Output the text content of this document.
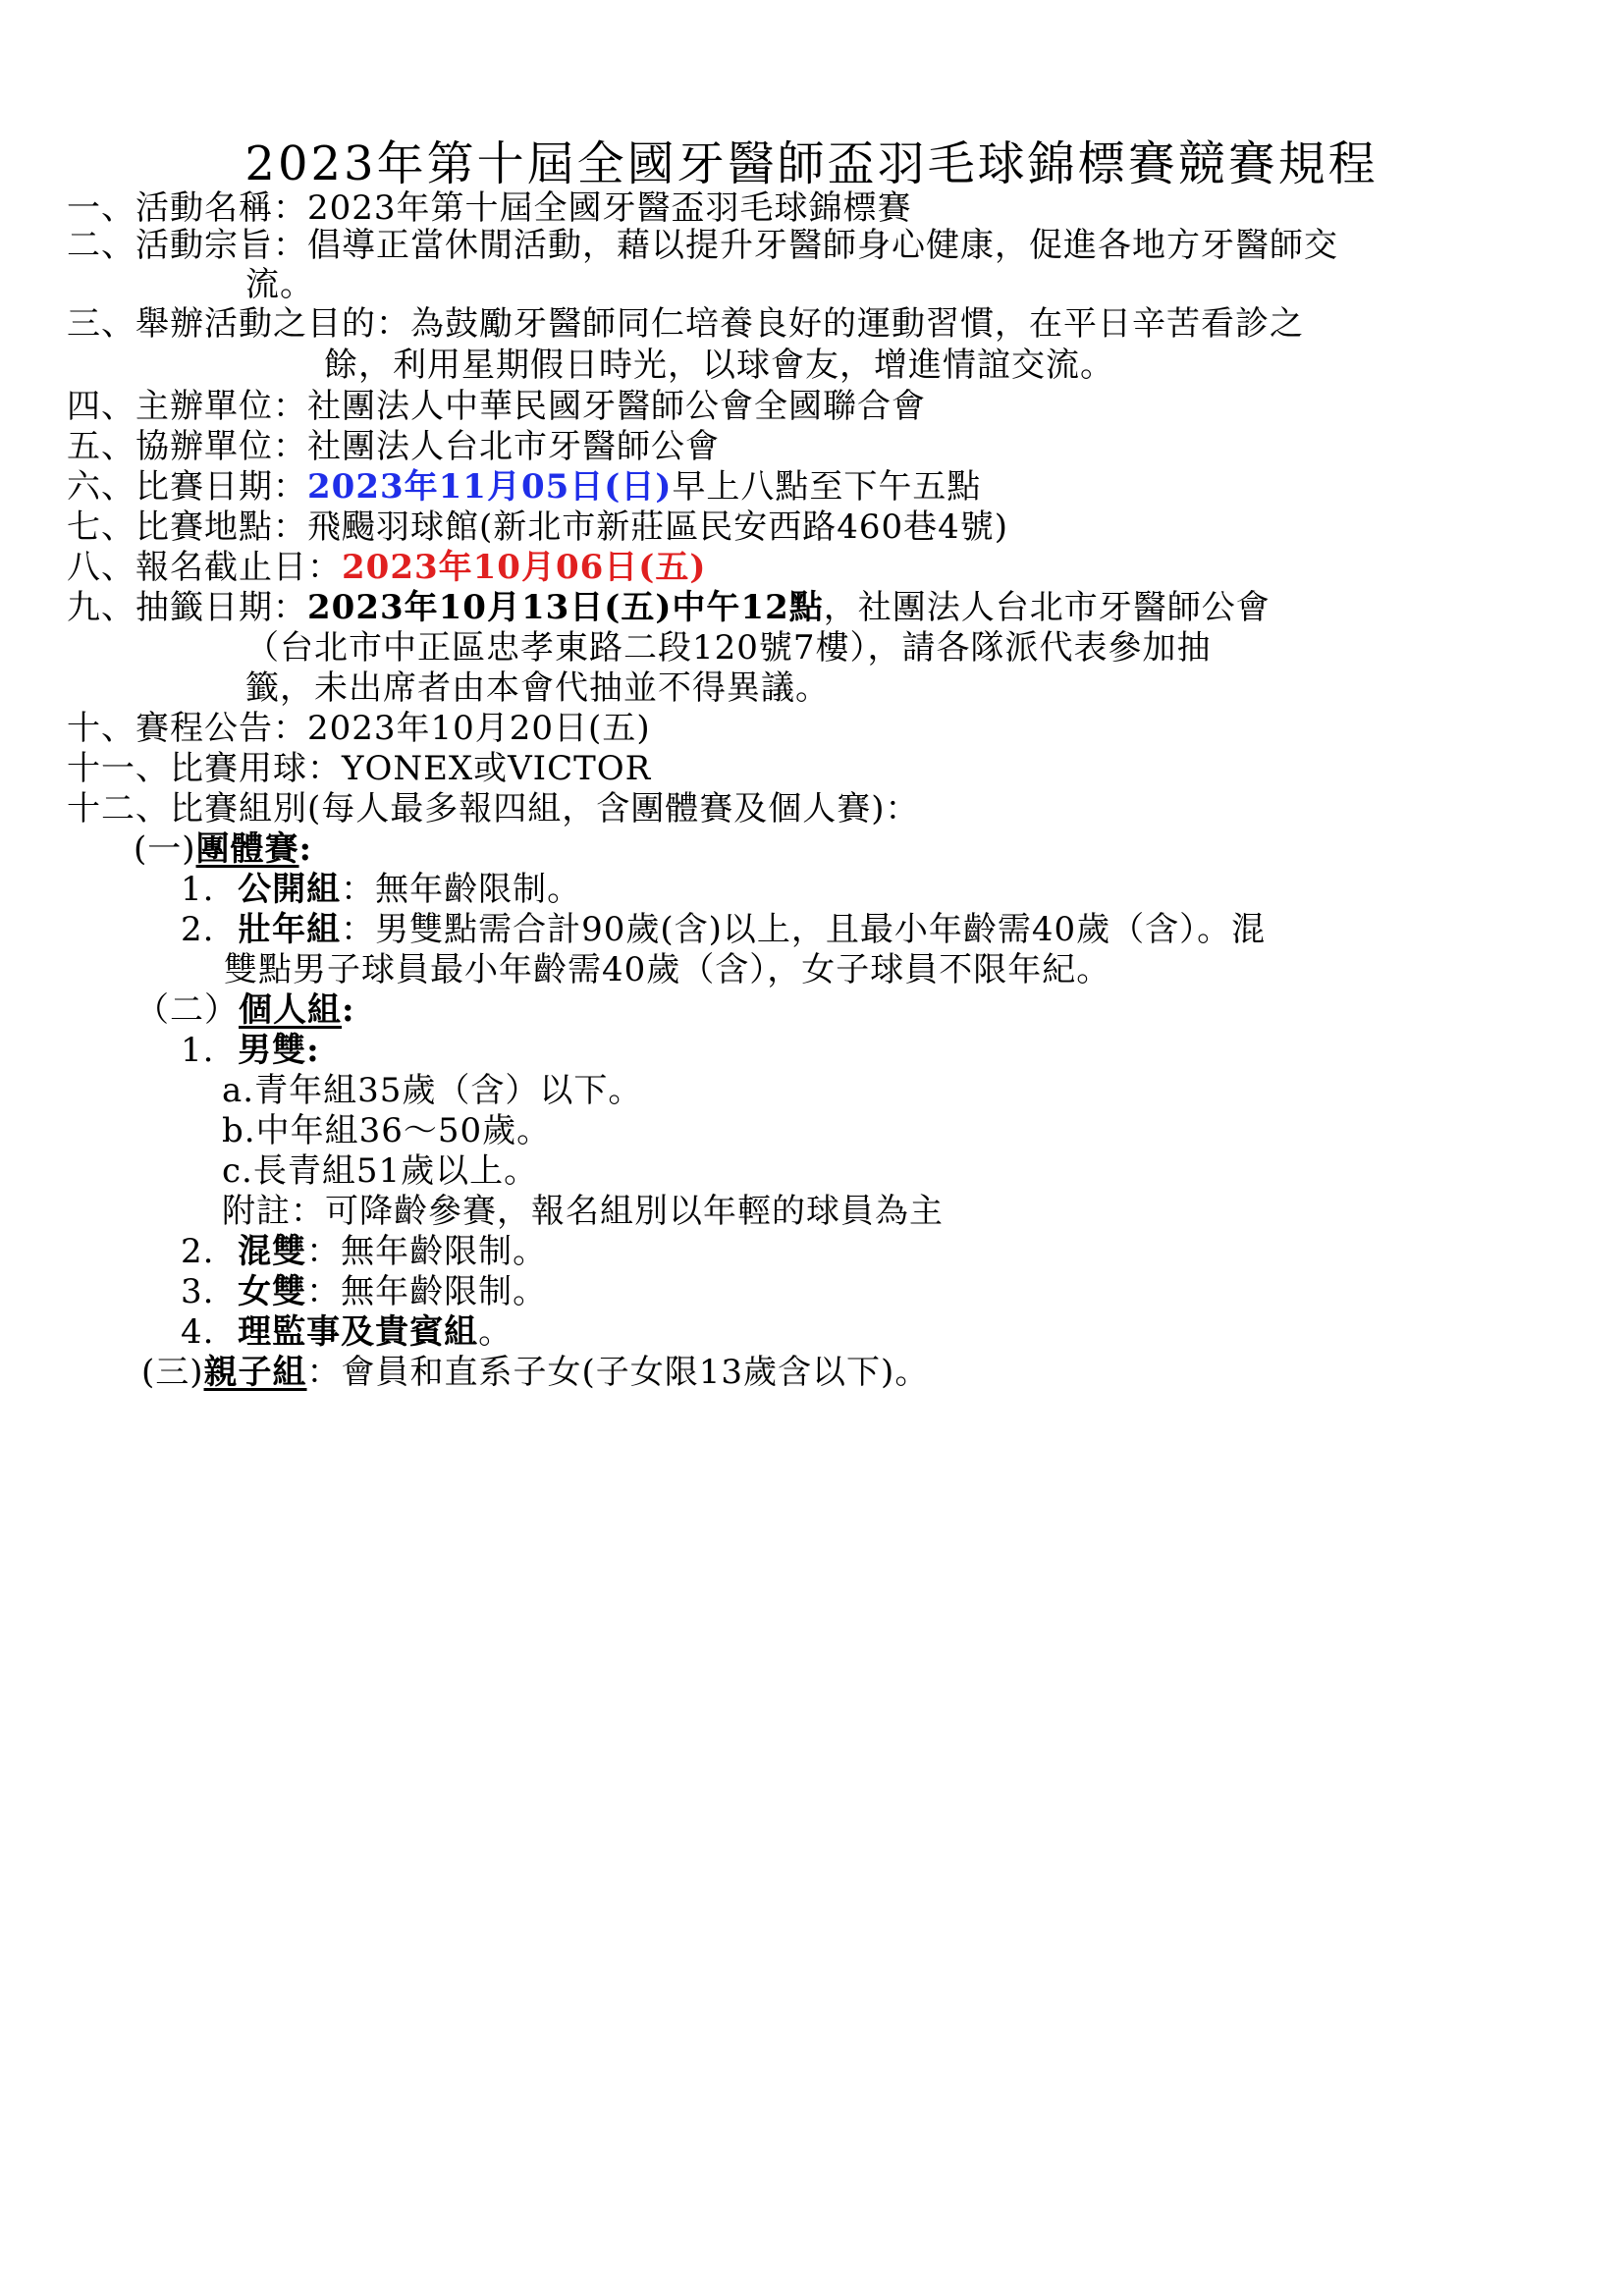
2023年第十屆全國牙醫師盃羽毛球錦標賽競賽規程
一、活動名稱：2023年第十屆全國牙醫盃羽毛球錦標賽
二、活動宗旨：倡導正當休閒活動，藉以提升牙醫師身心健康，促進各地方牙醫師交
流。
三、舉辦活動之目的：為鼓勵牙醫師同仁培養良好的運動習慣，在平日辛苦看診之
餘，利用星期假日時光，以球會友，增進情誼交流。
四、主辦單位：社團法人中華民國牙醫師公會全國聯合會
五、協辦單位：社團法人台北市牙醫師公會
六、比賽日期：2023年11月05日(日)早上八點至下午五點
七、比賽地點：飛颺羽球館(新北市新莊區民安西路460巷4號)
八、報名截止日：2023年10月06日(五)
九、抽籤日期：2023年10月13日(五)中午12點，社團法人台北市牙醫師公會
（台北市中正區忠孝東路二段120號7樓），請各隊派代表參加抽
籤，未出席者由本會代抽並不得異議。
十、賽程公告：2023年10月20日(五)
十一、比賽用球：YONEX或VICTOR
十二、比賽組別(每人最多報四組，含團體賽及個人賽)：
(一)團體賽:
1. 公開組：無年齡限制。
2. 壯年組：男雙點需合計90歲(含)以上，且最小年齡需40歲（含）。混
雙點男子球員最小年齡需40歲（含），女子球員不限年紀。
（二）個人組:
1. 男雙:
a.青年組35歲（含）以下。
b.中年組36～50歲。
c.長青組51歲以上。
附註：可降齡參賽，報名組別以年輕的球員為主
2. 混雙：無年齡限制。
3. 女雙：無年齡限制。
4. 理監事及貴賓組。
(三)親子組：會員和直系子女(子女限13歲含以下)。
